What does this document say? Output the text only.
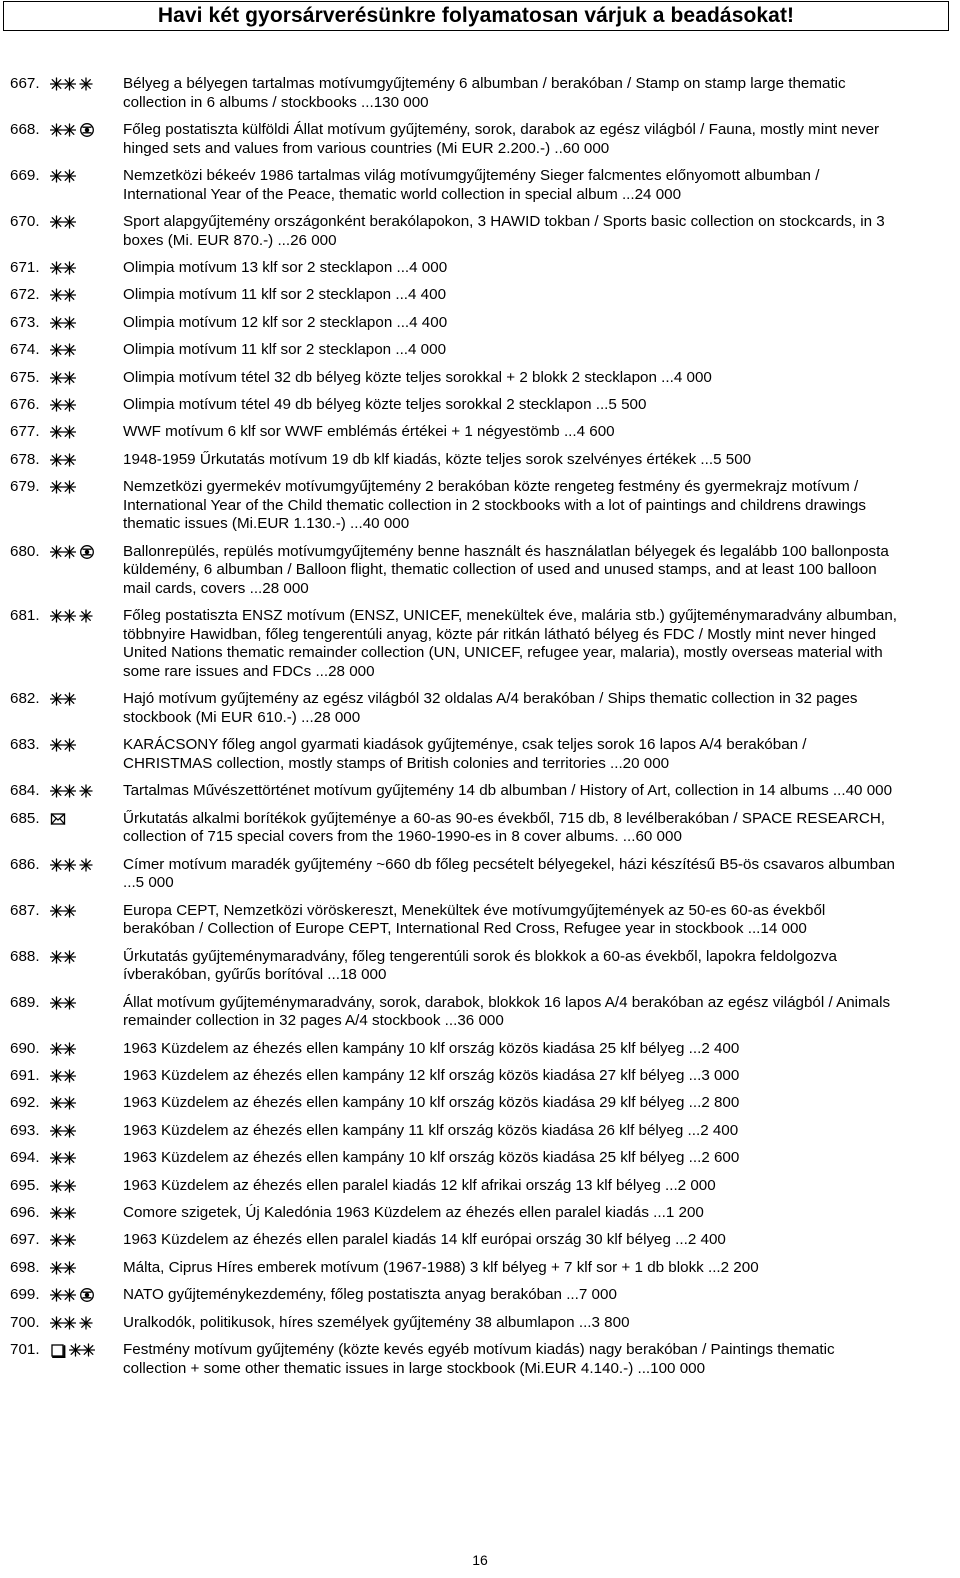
Havi két gyorsárverésünkre folyamatosan várjuk a beadásokat!
667.	Bélyeg a bélyegen tartalmas motívumgyűjtemény 6 albumban / berakóban / Stamp on stamp large thematic collection in 6 albums / stockbooks ...130 000
668.	Főleg postatiszta külföldi Állat motívum gyűjtemény, sorok, darabok az egész világból / Fauna, mostly mint never hinged sets and values from various countries (Mi EUR 2.200.-) ..60 000
669.	Nemzetközi békeév 1986 tartalmas világ motívumgyűjtemény Sieger falcmentes előnyomott albumban / International Year of the Peace, thematic world collection in special album ...24 000
670.	Sport alapgyűjtemény országonként berakólapokon, 3 HAWID tokban / Sports basic collection on stockcards, in 3 boxes (Mi. EUR 870.-) ...26 000
671.	Olimpia motívum 13 klf sor 2 stecklapon ...4 000
672.	Olimpia motívum 11 klf sor 2 stecklapon ...4 400
673.	Olimpia motívum 12 klf sor 2 stecklapon ...4 400
674.	Olimpia motívum 11 klf sor 2 stecklapon ...4 000
675.	Olimpia motívum tétel 32 db bélyeg közte teljes sorokkal + 2 blokk 2 stecklapon ...4 000
676.	Olimpia motívum tétel 49 db bélyeg közte teljes sorokkal 2 stecklapon ...5 500
677.	WWF motívum 6 klf sor WWF emblémás értékei + 1 négyestömb ...4 600
678.	1948-1959 Űrkutatás motívum 19 db klf kiadás, közte teljes sorok szelvényes értékek ...5 500
679.	Nemzetközi gyermekév motívumgyűjtemény 2 berakóban közte rengeteg festmény és gyermekrajz motívum / International Year of the Child thematic collection in 2 stockbooks with a lot of paintings and childrens drawings thematic issues (Mi.EUR 1.130.-) ...40 000
680.	Ballonrepülés, repülés motívumgyűjtemény benne használt és használatlan bélyegek és legalább 100 ballonposta küldemény, 6 albumban / Balloon flight, thematic collection of used and unused stamps, and at least 100 balloon mail cards, covers ...28 000
681.	Főleg postatiszta ENSZ motívum (ENSZ, UNICEF, menekültek éve, malária stb.) gyűjteménymaradvány albumban, többnyire Hawidban, főleg tengerentúli anyag, közte pár ritkán látható bélyeg és FDC / Mostly mint never hinged United Nations thematic remainder collection (UN, UNICEF, refugee year, malaria), mostly overseas material with some rare issues and FDCs ...28 000
682.	Hajó motívum gyűjtemény az egész világból 32 oldalas A/4 berakóban / Ships thematic collection in 32 pages stockbook (Mi EUR 610.-) ...28 000
683.	KARÁCSONY főleg angol gyarmati kiadások gyűjteménye, csak teljes sorok 16 lapos A/4 berakóban / CHRISTMAS collection, mostly stamps of British colonies and territories ...20 000
684.	Tartalmas Művészettörténet motívum gyűjtemény 14 db albumban / History of Art, collection in 14 albums ...40 000
685.	Űrkutatás alkalmi borítékok gyűjteménye a 60-as 90-es évekből, 715 db, 8 levélberakóban / SPACE RESEARCH, collection of 715 special covers from the 1960-1990-es in 8 cover albums. ...60 000
686.	Címer motívum maradék gyűjtemény ~660 db főleg pecsételt bélyegekel, házi készítésű B5-ös csavaros albumban ...5 000
687.	Europa CEPT, Nemzetközi vöröskereszt, Menekültek éve motívumgyűjtemények az 50-es 60-as évekből berakóban / Collection of Europe CEPT, International Red Cross, Refugee year in stockbook ...14 000
688.	Űrkutatás gyűjteménymaradvány, főleg tengerentúli sorok és blokkok a 60-as évekből, lapokra feldolgozva ívberakóban, gyűrűs borítóval ...18 000
689.	Állat motívum gyűjteménymaradvány, sorok, darabok, blokkok 16 lapos A/4 berakóban az egész világból / Animals remainder collection in 32 pages A/4 stockbook ...36 000
690.	1963 Küzdelem az éhezés ellen kampány 10 klf ország közös kiadása 25 klf bélyeg ...2 400
691.	1963 Küzdelem az éhezés ellen kampány 12 klf ország közös kiadása 27 klf bélyeg ...3 000
692.	1963 Küzdelem az éhezés ellen kampány 10 klf ország közös kiadása 29 klf bélyeg ...2 800
693.	1963 Küzdelem az éhezés ellen kampány 11 klf ország közös kiadása 26 klf bélyeg ...2 400
694.	1963 Küzdelem az éhezés ellen kampány 10 klf ország közös kiadása 25 klf bélyeg ...2 600
695.	1963 Küzdelem az éhezés ellen paralel kiadás 12 klf afrikai ország 13 klf bélyeg ...2 000
696.	Comore szigetek, Új Kaledónia 1963 Küzdelem az éhezés ellen paralel kiadás ...1 200
697.	1963 Küzdelem az éhezés ellen paralel kiadás 14 klf európai ország 30 klf bélyeg ...2 400
698.	Málta, Ciprus Híres emberek motívum (1967-1988) 3 klf bélyeg + 7 klf sor + 1 db blokk ...2 200
699.	NATO gyűjteménykezdemény, főleg postatiszta anyag berakóban ...7 000
700.	Uralkodók, politikusok, híres személyek gyűjtemény 38 albumlapon ...3 800
701.	Festmény motívum gyűjtemény (közte kevés egyéb motívum kiadás) nagy berakóban / Paintings thematic collection + some other thematic issues in large stockbook (Mi.EUR 4.140.-) ...100 000
16
